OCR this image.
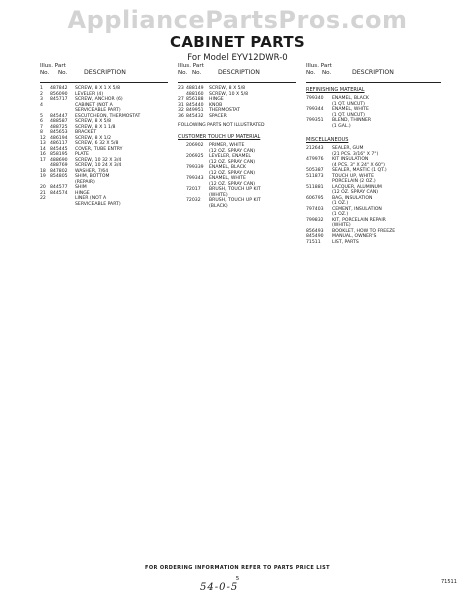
AppliancePartsPros.com
CABINET PARTS
For Model EYV12DWR-0
Illus. Part
No. No.	DESCRIPTION
1	487842	SCREW, 8 X 1 X 5/8
2	856090	LEVELER (4)
3	845717	SCREW, ANCHOR (6)
4	CABINET (NOT A
SERVICEABLE PART)
5	845447	ESCUTCHEON, THERMOSTAT
6	488587	SCREW, 8 X 5/8
7	488725	SCREW, 8 X 1 1/8
8	845653	BRACKET
12 486194	SCREW, 8 X 1/2
13 486117	SCREW, 6 32 X 5/8
14 845445	COVER, TUBE ENTRY
16 858195	PLATE
17 488690	SCREW, 10 32 X 3/4
488769	SCREW, 10 24 X 3/4
18 847802	WASHER, 7/64
19 854805	SHIM, BOTTOM
(REPAIR)
20 844577	SHIM
21 844574	HINGE
22	LINER (NOT A
SERVICEABLE PART)
Illus. Part
No. No.	DESCRIPTION
23 488149	SCREW, 8 X 5/8
488160	SCREW, 10 X 5/8
27 856188	HINGE
31 845440	KNOB
32 849951	THERMOSTAT
36 845432	SPACER
FOLLOWING PARTS NOT ILLUSTRATED
CUSTOMER TOUCH UP MATERIAL
206902	PRIMER, WHITE
(12 OZ. SPRAY CAN)
206925	LEVELER, ENAMEL
(12 OZ. SPRAY CAN)
799339	ENAMEL, BLACK
(12 OZ. SPRAY CAN)
799343	ENAMEL, WHITE
(12 OZ. SPRAY CAN)
72017	BRUSH, TOUCH UP KIT
(WHITE)
72032	BRUSH, TOUCH UP KIT
(BLACK)
Illus. Part
No. No.	DESCRIPTION
REFINISHING MATERIAL
799340	ENAMEL, BLACK
(1 QT. UNCUT)
799344	ENAMEL, WHITE
(1 QT. UNCUT)
799351	BLEND, THINNER
(1 GAL.)
MISCELLANEOUS
212643	SEALER, GUM
(21 PCS. 3/16" X 7")
479976	KIT INSULATION
(4 PCS. 3" X 24" X 60")
505387	SEALER, MASTIC (1 QT.)
511873	TOUCH UP, WHITE
PORCELAIN (2 OZ.)
511881	LACQUER, ALUMINUM
(12 OZ. SPRAY CAN)
606795	BAG, INSULATION
(1 OZ.)
797403	CEMENT, INSULATION
(1 OZ.)
799832	KIT, PORCELAIN REPAIR
(WHITE)
856493	BOOKLET, HOW TO FREEZE
845490	MANUAL, OWNER'S
71511	LIST, PARTS
FOR ORDERING INFORMATION REFER TO PARTS PRICE LIST
5
54-0-5	71511
